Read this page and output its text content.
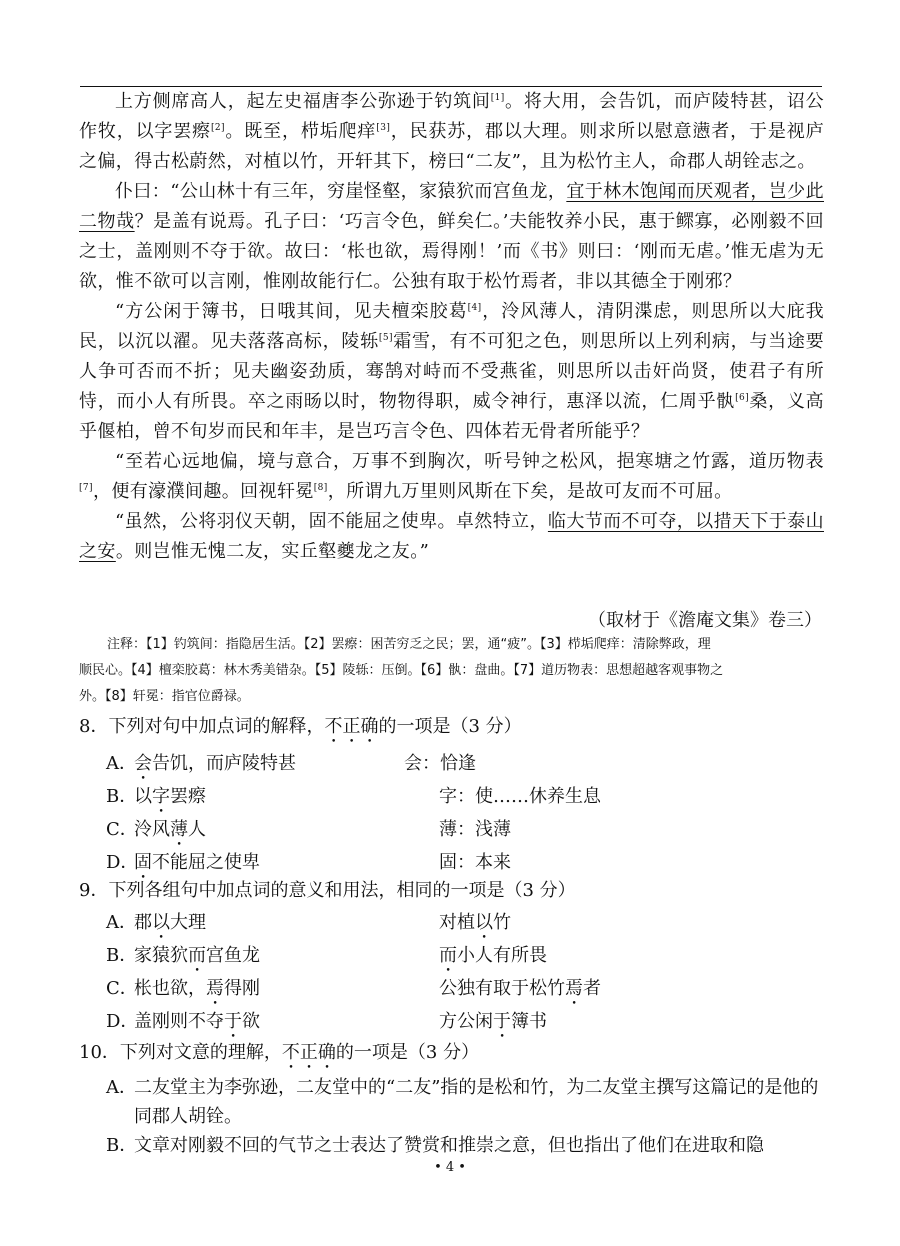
上方侧席高人，起左史福唐李公弥逊于钓筑间[1]。将大用，会告饥，而庐陵特甚，诏公作牧，以字罢瘵[2]。既至，栉垢爬痒[3]，民获苏，郡以大理。则求所以慰意懑者，于是视庐之偏，得古松蔚然，对植以竹，开轩其下，榜曰“二友”，且为松竹主人，命郡人胡铨志之。

仆曰：“公山林十有三年，穷崖怪壑，家猿狖而宫鱼龙，宜于林木饱闻而厌观者，岂少此二物哉？是盖有说焉。孔子曰：‘巧言令色，鲜矣仁。’夫能牧养小民，惠于鳏寡，必刚毅不回之士，盖刚则不夺于欲。故曰：‘枨也欲，焉得刚！’而《书》则曰：‘刚而无虐。’惟无虐为无欲，惟不欲可以言刚，惟刚故能行仁。公独有取于松竹焉者，非以其德全于刚邪？

“方公闲于簿书，日哦其间，见夫檀栾胶葛[4]，泠风薄人，清阴渫虑，则思所以大庇我民，以沉以濯。见夫落落高标，陵轹[5]霜雪，有不可犯之色，则思所以上列利病，与当途要人争可否而不折；见夫幽姿劲质，骞鹄对峙而不受燕雀，则思所以击奸尚贤，使君子有所恃，而小人有所畏。卒之雨旸以时，物物得职，威令神行，惠泽以流，仁周乎骫[6]桑，义高乎偃柏，曾不旬岁而民和年丰，是岂巧言令色、四体若无骨者所能乎？

“至若心远地偏，境与意合，万事不到胸次，听号钟之松风，挹寒塘之竹露，道历物表[7]，便有濠濮间趣。回视轩冕[8]，所谓九万里则风斯在下矣，是故可友而不可屈。

“虽然，公将羽仪天朝，固不能屈之使卑。卓然特立，临大节而不可夺，以措天下于泰山之安。则岂惟无愧二友，实丘壑夔龙之友。”

（取材于《澹庵文集》卷三）
注释：【1】钓筑间：指隐居生活。【2】罢瘵：困苦穷乏之民；罢，通“疲”。【3】栉垢爬痒：清除弊政，理
顺民心。【4】檀栾胶葛：林木秀美错杂。【5】陵轹：压倒。【6】骫：盘曲。【7】道历物表：思想超越客观事物之
外。【8】轩冕：指官位爵禄。
8．下列对句中加点词的解释，不正确的一项是（3 分）
A．
会告饥，而庐陵特甚	会：恰逢
B．
以字罢瘵	字：使……休养生息
C．
泠风薄人	薄：浅薄
D．
固不能屈之使卑	固：本来
9．下列各组句中加点词的意义和用法，相同的一项是（3 分）
A．
郡以大理	对植以竹
B．
家猿狖而宫鱼龙	而小人有所畏
C．
枨也欲，焉得刚	公独有取于松竹焉者
D．
盖刚则不夺于欲	方公闲于簿书
10．下列对文意的理解，不正确的一项是（3 分）
A．
二友堂主为李弥逊，二友堂中的“二友”指的是松和竹，为二友堂主撰写这篇记的是他的同郡人胡铨。
B．
文章对刚毅不回的气节之士表达了赞赏和推崇之意，但也指出了他们在进取和隐
• 4 •
